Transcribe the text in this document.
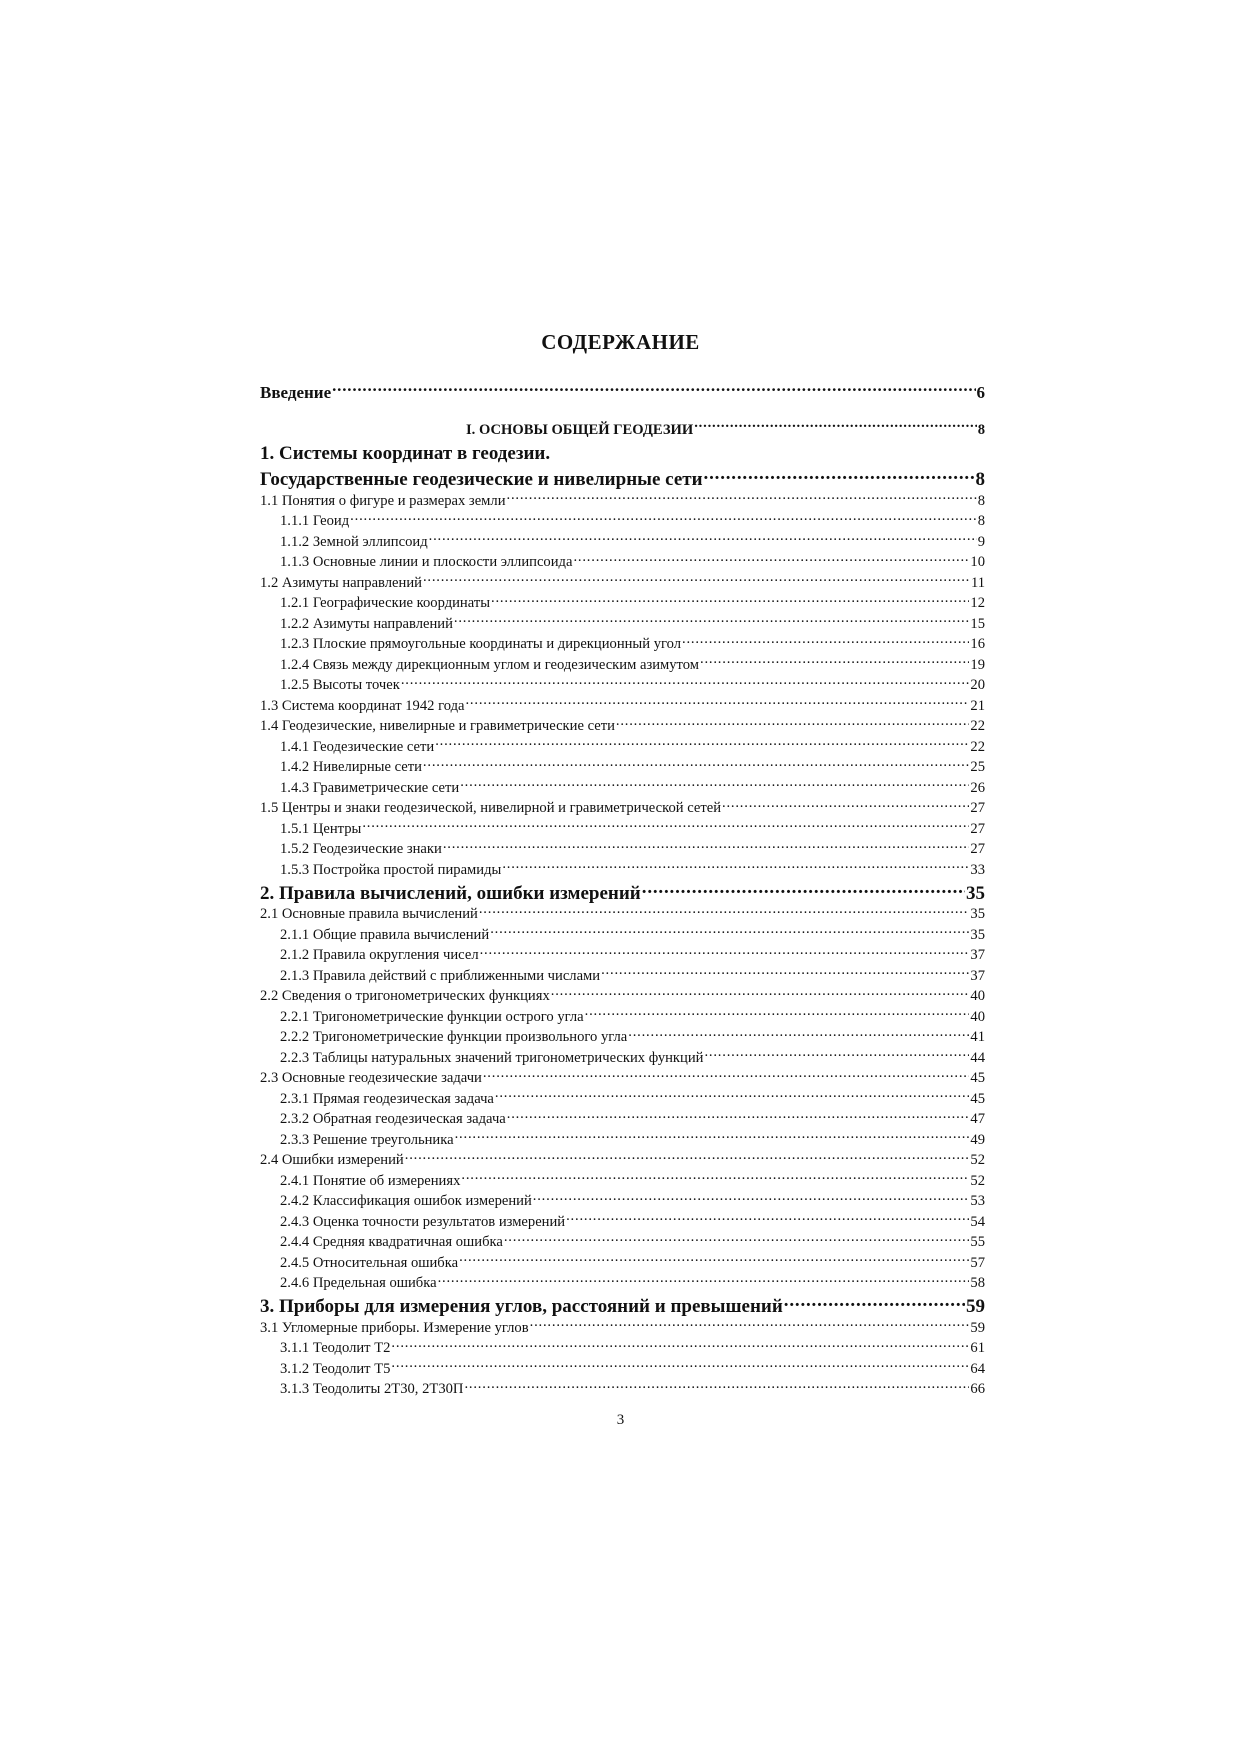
СОДЕРЖАНИЕ
Введение .....	6
I. ОСНОВЫ ОБЩЕЙ ГЕОДЕЗИИ .....	8
1. Системы координат в геодезии.
Государственные геодезические и нивелирные сети .....	8
1.1 Понятия о фигуре и размерах земли .....	8
1.1.1 Геоид .....	8
1.1.2 Земной эллипсоид .....	9
1.1.3 Основные линии и плоскости эллипсоида .....	10
1.2 Азимуты направлений .....	11
1.2.1 Географические координаты .....	12
1.2.2 Азимуты направлений .....	15
1.2.3 Плоские прямоугольные координаты и дирекционный угол .....	16
1.2.4 Связь между дирекционным углом и геодезическим азимутом .....	19
1.2.5 Высоты точек .....	20
1.3 Система координат 1942 года .....	21
1.4 Геодезические, нивелирные и гравиметрические сети .....	22
1.4.1 Геодезические сети .....	22
1.4.2 Нивелирные сети .....	25
1.4.3 Гравиметрические сети .....	26
1.5 Центры и знаки геодезической, нивелирной и гравиметрической сетей .....	27
1.5.1 Центры .....	27
1.5.2 Геодезические знаки .....	27
1.5.3 Постройка простой пирамиды .....	33
2. Правила вычислений, ошибки измерений .....	35
2.1 Основные правила вычислений .....	35
2.1.1 Общие правила вычислений .....	35
2.1.2 Правила округления чисел .....	37
2.1.3 Правила действий с приближенными числами .....	37
2.2 Сведения о тригонометрических функциях .....	40
2.2.1 Тригонометрические функции острого угла .....	40
2.2.2 Тригонометрические функции произвольного угла .....	41
2.2.3 Таблицы натуральных значений тригонометрических функций .....	44
2.3 Основные геодезические задачи .....	45
2.3.1 Прямая геодезическая задача .....	45
2.3.2 Обратная геодезическая задача .....	47
2.3.3 Решение треугольника .....	49
2.4 Ошибки измерений .....	52
2.4.1 Понятие об измерениях .....	52
2.4.2 Классификация ошибок измерений .....	53
2.4.3 Оценка точности результатов измерений .....	54
2.4.4 Средняя квадратичная ошибка .....	55
2.4.5 Относительная ошибка .....	57
2.4.6 Предельная ошибка .....	58
3. Приборы для измерения углов, расстояний и превышений .....	59
3.1 Угломерные приборы. Измерение углов .....	59
3.1.1 Теодолит Т2 .....	61
3.1.2 Теодолит Т5 .....	64
3.1.3 Теодолиты 2Т30, 2Т30П .....	66
3
